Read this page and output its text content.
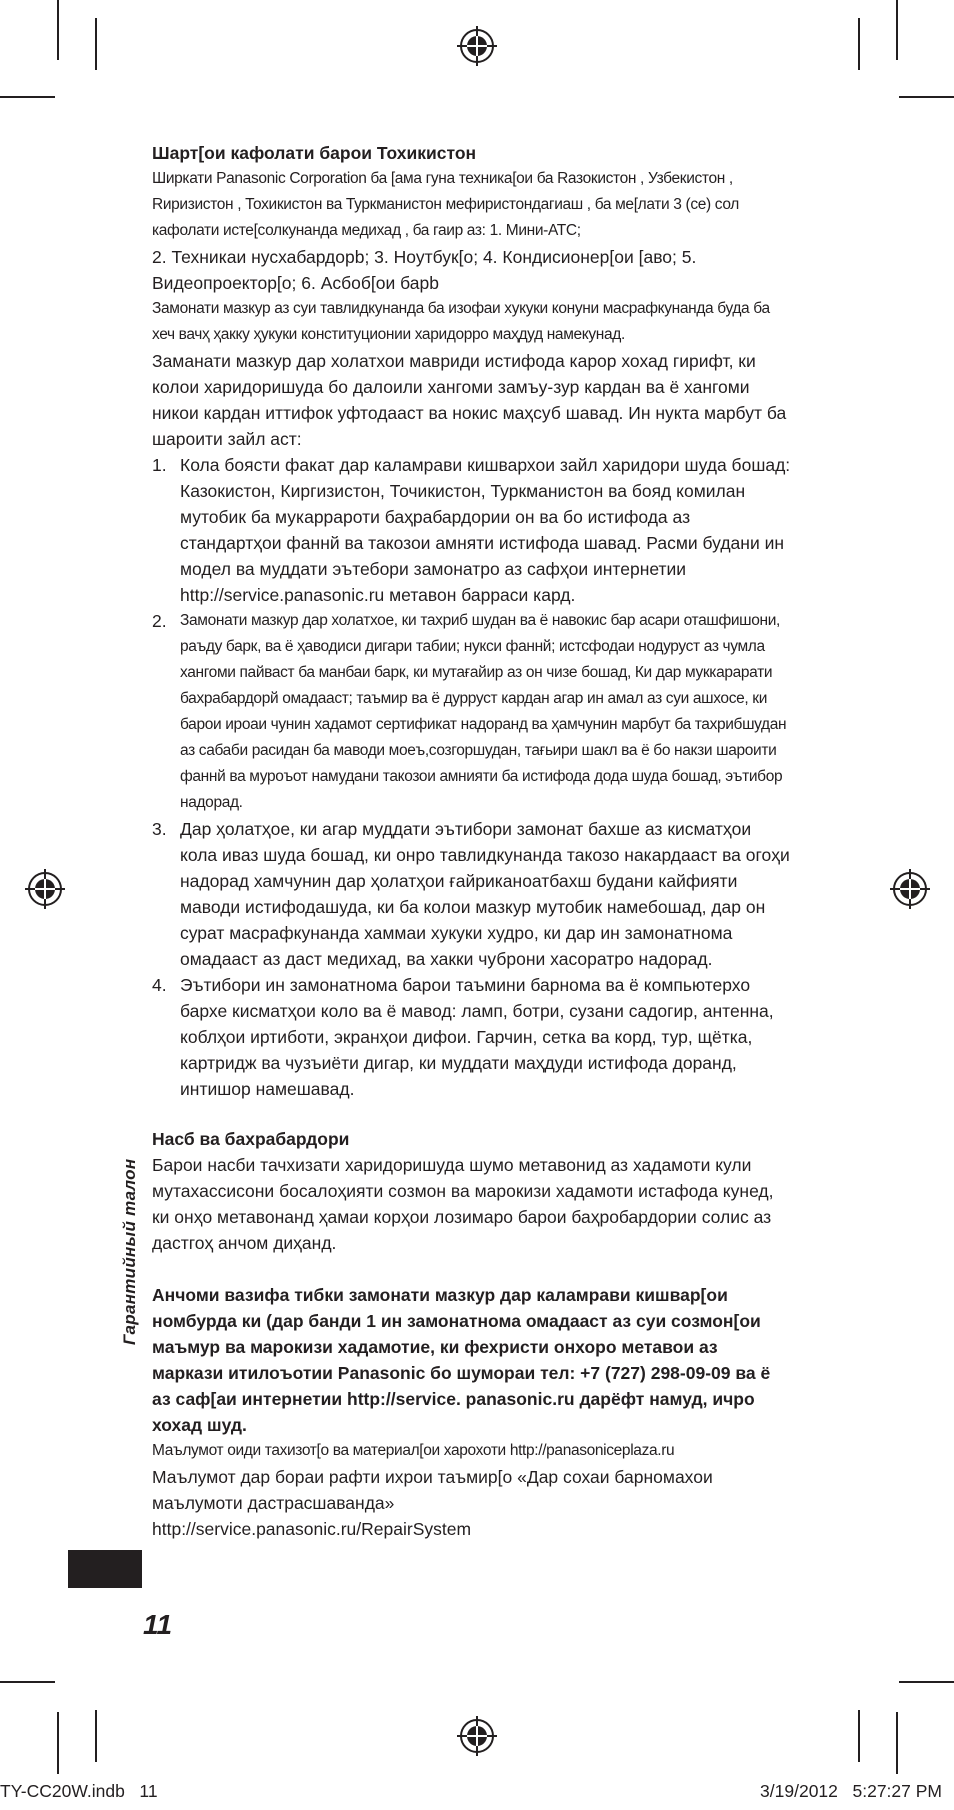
Шарт[ои кафолати барои Тохикистон

Ширкати Panasonic Corporation ба [ама гуна техника[ои ба Rазокистон , Узбекистон , Rиризистон , Тохикистон ва Туркманистон мефиристондагиаш , ба ме[лати 3 (се) сол кафолати исте[солкунанда медихад , ба гаир аз: 1. Мини-АТС;

2. Техникаи нусхабардорb; 3. Ноутбук[о; 4. Кондисионер[ои [аво; 5. Видеопроектор[о; 6. Асбоб[ои барb

Замонати мазкур аз суи тавлидкунанда ба изофаи хукуки конуни масрафкунанда буда ба хеч вачҳ ҳакку ҳукуки конституционии харидорро маҳдуд намекунад.

Заманати мазкур дар холатхои мавриди истифода карор хохад гирифт, ки колои харидоришуда бо далоили хангоми замъу-зур кардан ва ё хангоми никои кардан иттифок уфтодааст ва нокис маҳсуб шавад. Ин нукта марбут ба шароити зайл аст:

1. Кола боясти факат дар каламрави кишвархои зайл харидори шуда бошад: Казокистон, Киргизистон, Точикистон, Туркманистон ва бояд комилан мутобик ба мукаррароти баҳрабардории он ва бо истифода аз стандартҳои фаннй ва такозои амняти истифода шавад. Расми будани ин модел ва муддати эътебори замонатро аз сафҳои интернетии http://service.panasonic.ru метавон барраси кард.

2. Замонати мазкур дар холатхое, ки тахриб шудан ва ё навокис бар асари оташфишони, раъду барк, ва ё ҳаводиси дигари табии; нукси фаннй; истсфодаи нодуруст аз чумла хангоми пайваст ба манбаи барк, ки мутағайир аз он чизе бошад, Ки дар муккарарати бахрабардорй омадааст; таъмир ва ё дурруст кардан агар ин амал аз суи ашхосе, ки барои ироаи чунин хадамот сертификат надоранд ва ҳамчунин марбут ба тахрибшудан аз сабаби расидан ба маводи моеъ,созгоршудан, тағьири шакл ва ё бо накзи шароити фаннй ва муроъот намудани такозои амнияти ба истифода дода шуда бошад, эътибор надорад.

3. Дар ҳолатҳое, ки агар муддати эътибори замонат бахше аз кисматҳои кола иваз шуда бошад, ки онро тавлидкунанда такозо накардааст ва огоҳи надорад хамчунин дар ҳолатҳои ғайриканоатбахш будани кайфияти маводи истифодашуда, ки ба колои мазкур мутобик намебошад, дар он сурат масрафкунанда хаммаи хукуки худро, ки дар ин замонатнома омадааст аз даст медихад, ва хакки чуброни хасоратро надорад.

4. Эътибори ин замонатнома барои таъмини барнома ва ё компьютерхо бархе кисматҳои коло ва ё мавод: ламп, ботри, сузани садогир, антенна, коблҳои иртиботи, экранҳои дифои. Гарчин, сетка ва корд, тур, щётка, картридж ва чузъиёти дигар, ки муддати маҳдуди истифода доранд, интишор намешавад.

Насб ва бахрабардори

Барои насби тачхизати харидоришуда шумо метавонид аз хадамоти кули мутахассисони босалоҳияти созмон ва марокизи хадамоти истафода кунед, ки онҳо метавонанд ҳамаи корҳои лозимаро барои баҳробардории солис аз дастгоҳ анчом диҳанд.

Анчоми вазифа тибки замонати мазкур дар каламрави кишвар[ои номбурда ки (дар банди 1 ин замонатнома омадааст аз суи созмон[ои маъмур ва марокизи хадамотие, ки фехристи онхоро метавои аз маркази итилоъотии Panasonic бо шумораи тел: +7 (727) 298-09-09 ва ё аз саф[аи интернетии http://service. panasonic.ru дарёфт намуд, ичро хохад шуд.

Маълумот оиди тахизот[о ва материал[ои харохоти http://panasoniceplaza.ru

Маълумот дар бораи рафти ихрои таъмир[о «Дар сохаи барномахои маълумоти дастрасшаванда»

http://service.panasonic.ru/RepairSystem

Гарантийный талон
11
TY-CC20W.indb   11	3/19/2012   5:27:27 PM
